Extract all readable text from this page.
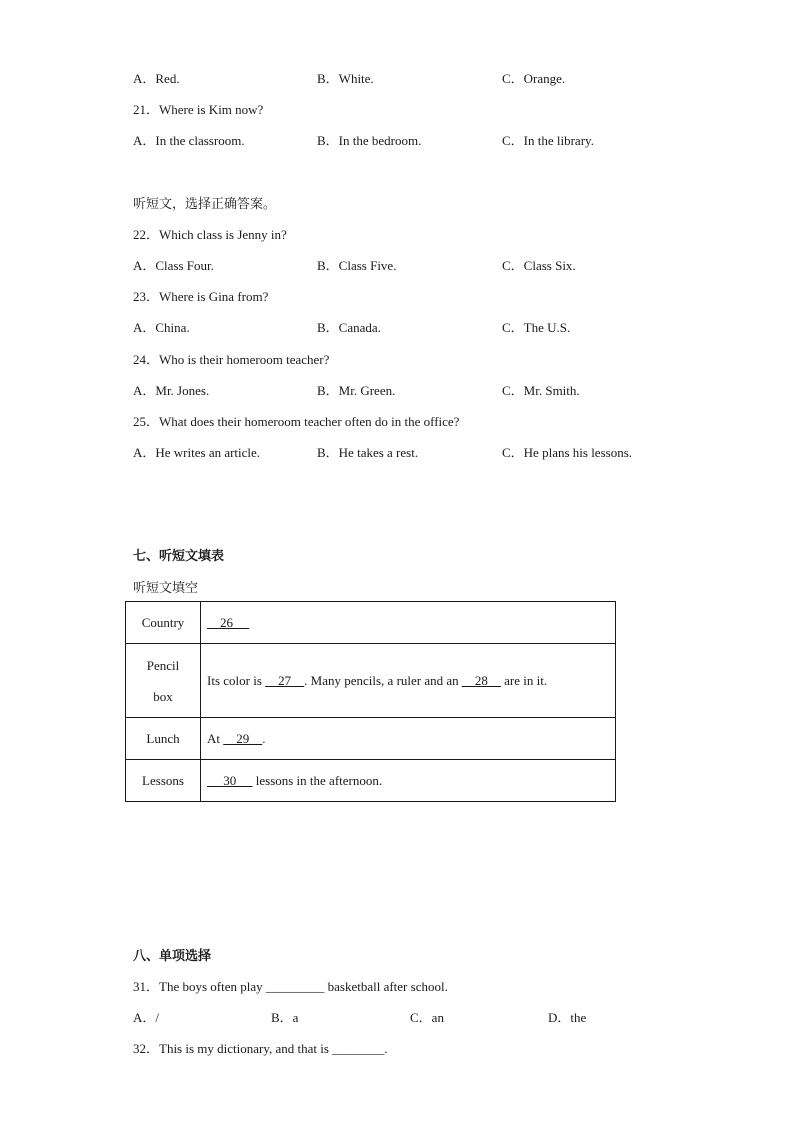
A．Red.	B．White.	C．Orange.
21．Where is Kim now?
A．In the classroom.	B．In the bedroom.	C．In the library.
听短文，选择正确答案。
22．Which class is Jenny in?
A．Class Four.	B．Class Five.	C．Class Six.
23．Where is Gina from?
A．China.	B．Canada.	C．The U.S.
24．Who is their homeroom teacher?
A．Mr. Jones.	B．Mr. Green.	C．Mr. Smith.
25．What does their homeroom teacher often do in the office?
A．He writes an article.	B．He takes a rest.	C．He plans his lessons.
七、听短文填表
听短文填空
Country	26

Pencil
box	Its color is     27    . Many pencils, a ruler and an     28     are in it.
Lunch	At     29    .
Lessons	30      lessons in the afternoon.
八、单项选择
31．The boys often play _________ basketball after school.
A．/	B．a	C．an	D．the
32．This is my dictionary, and that is ________.
